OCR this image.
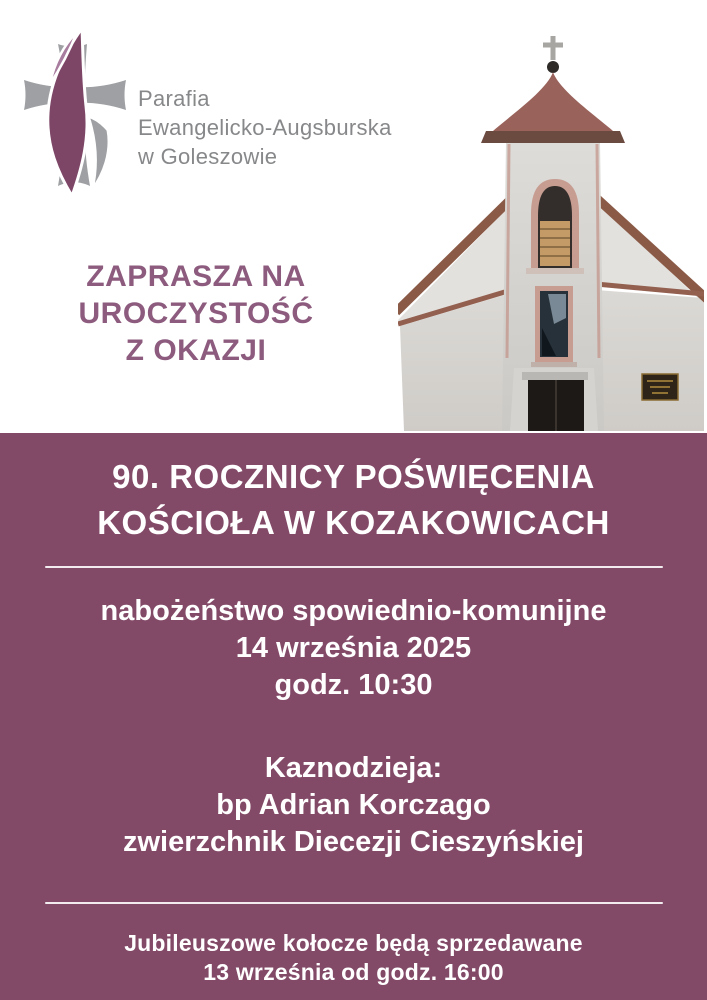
Parafia
Ewangelicko-Augsburska
w Goleszowie
ZAPRASZA NA
UROCZYSTOŚĆ
Z OKAZJI
90. ROCZNICY POŚWIĘCENIA
KOŚCIOŁA W KOZAKOWICACH
nabożeństwo spowiednio-komunijne
14 września 2025
godz. 10:30
Kaznodzieja:
bp Adrian Korczago
zwierzchnik Diecezji Cieszyńskiej
Jubileuszowe kołocze będą sprzedawane
13 września od godz. 16:00
